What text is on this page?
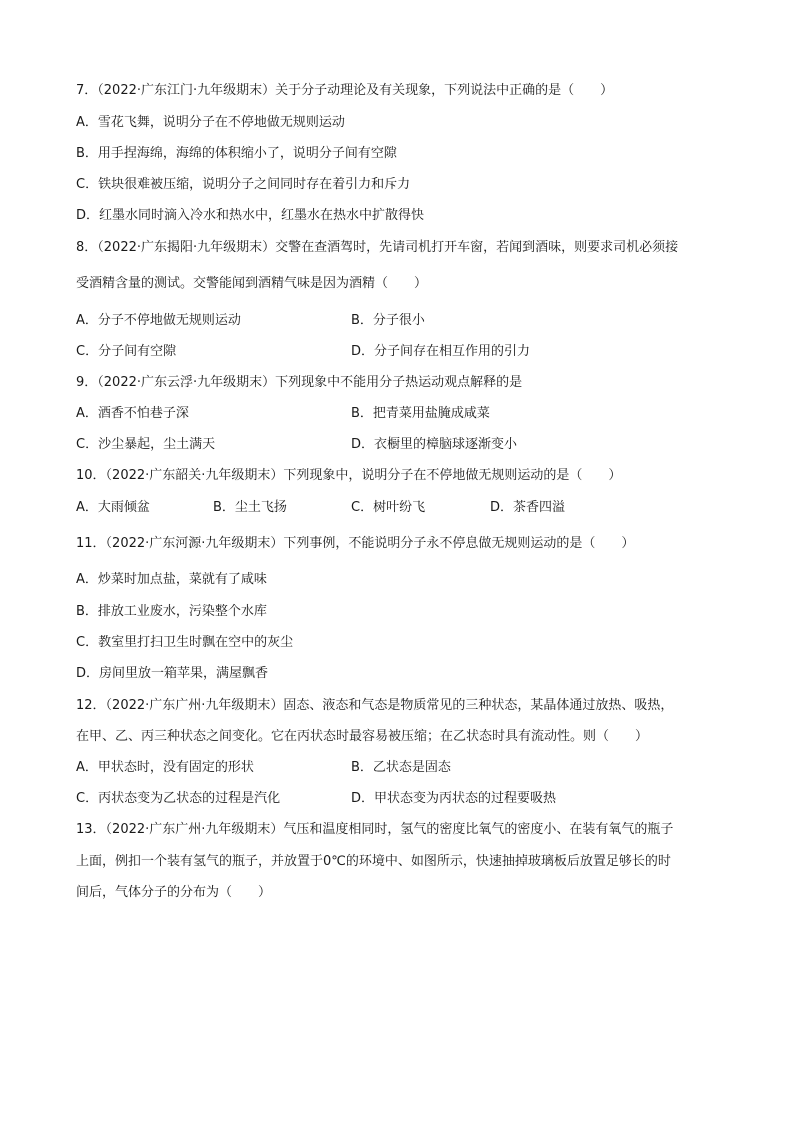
7．（2022·广东江门·九年级期末）关于分子动理论及有关现象，下列说法中正确的是（　　）
A．雪花飞舞，说明分子在不停地做无规则运动
B．用手捏海绵，海绵的体积缩小了，说明分子间有空隙
C．铁块很难被压缩，说明分子之间同时存在着引力和斥力
D．红墨水同时滴入冷水和热水中，红墨水在热水中扩散得快
8．（2022·广东揭阳·九年级期末）交警在查酒驾时，先请司机打开车窗，若闻到酒味，则要求司机必须接
受酒精含量的测试。交警能闻到酒精气味是因为酒精（　　）
A．分子不停地做无规则运动	B．分子很小
C．分子间有空隙	D．分子间存在相互作用的引力
9．（2022·广东云浮·九年级期末）下列现象中不能用分子热运动观点解释的是
A．酒香不怕巷子深	B．把青菜用盐腌成咸菜
C．沙尘暴起，尘土满天	D．衣橱里的樟脑球逐渐变小
10．（2022·广东韶关·九年级期末）下列现象中，说明分子在不停地做无规则运动的是（　　）
A．大雨倾盆	B．尘土飞扬	C．树叶纷飞	D．茶香四溢
11．（2022·广东河源·九年级期末）下列事例，不能说明分子永不停息做无规则运动的是（　　）
A．炒菜时加点盐，菜就有了咸味
B．排放工业废水，污染整个水库
C．教室里打扫卫生时飘在空中的灰尘
D．房间里放一箱苹果，满屋飘香
12．（2022·广东广州·九年级期末）固态、液态和气态是物质常见的三种状态，某晶体通过放热、吸热，
在甲、乙、丙三种状态之间变化。它在丙状态时最容易被压缩；在乙状态时具有流动性。则（　　）
A．甲状态时，没有固定的形状	B．乙状态是固态
C．丙状态变为乙状态的过程是汽化	D．甲状态变为丙状态的过程要吸热
13．（2022·广东广州·九年级期末）气压和温度相同时，氢气的密度比氧气的密度小、在装有氧气的瓶子
上面，例扣一个装有氢气的瓶子，并放置于0℃的环境中、如图所示，快速抽掉玻璃板后放置足够长的时
间后，气体分子的分布为（　　）
